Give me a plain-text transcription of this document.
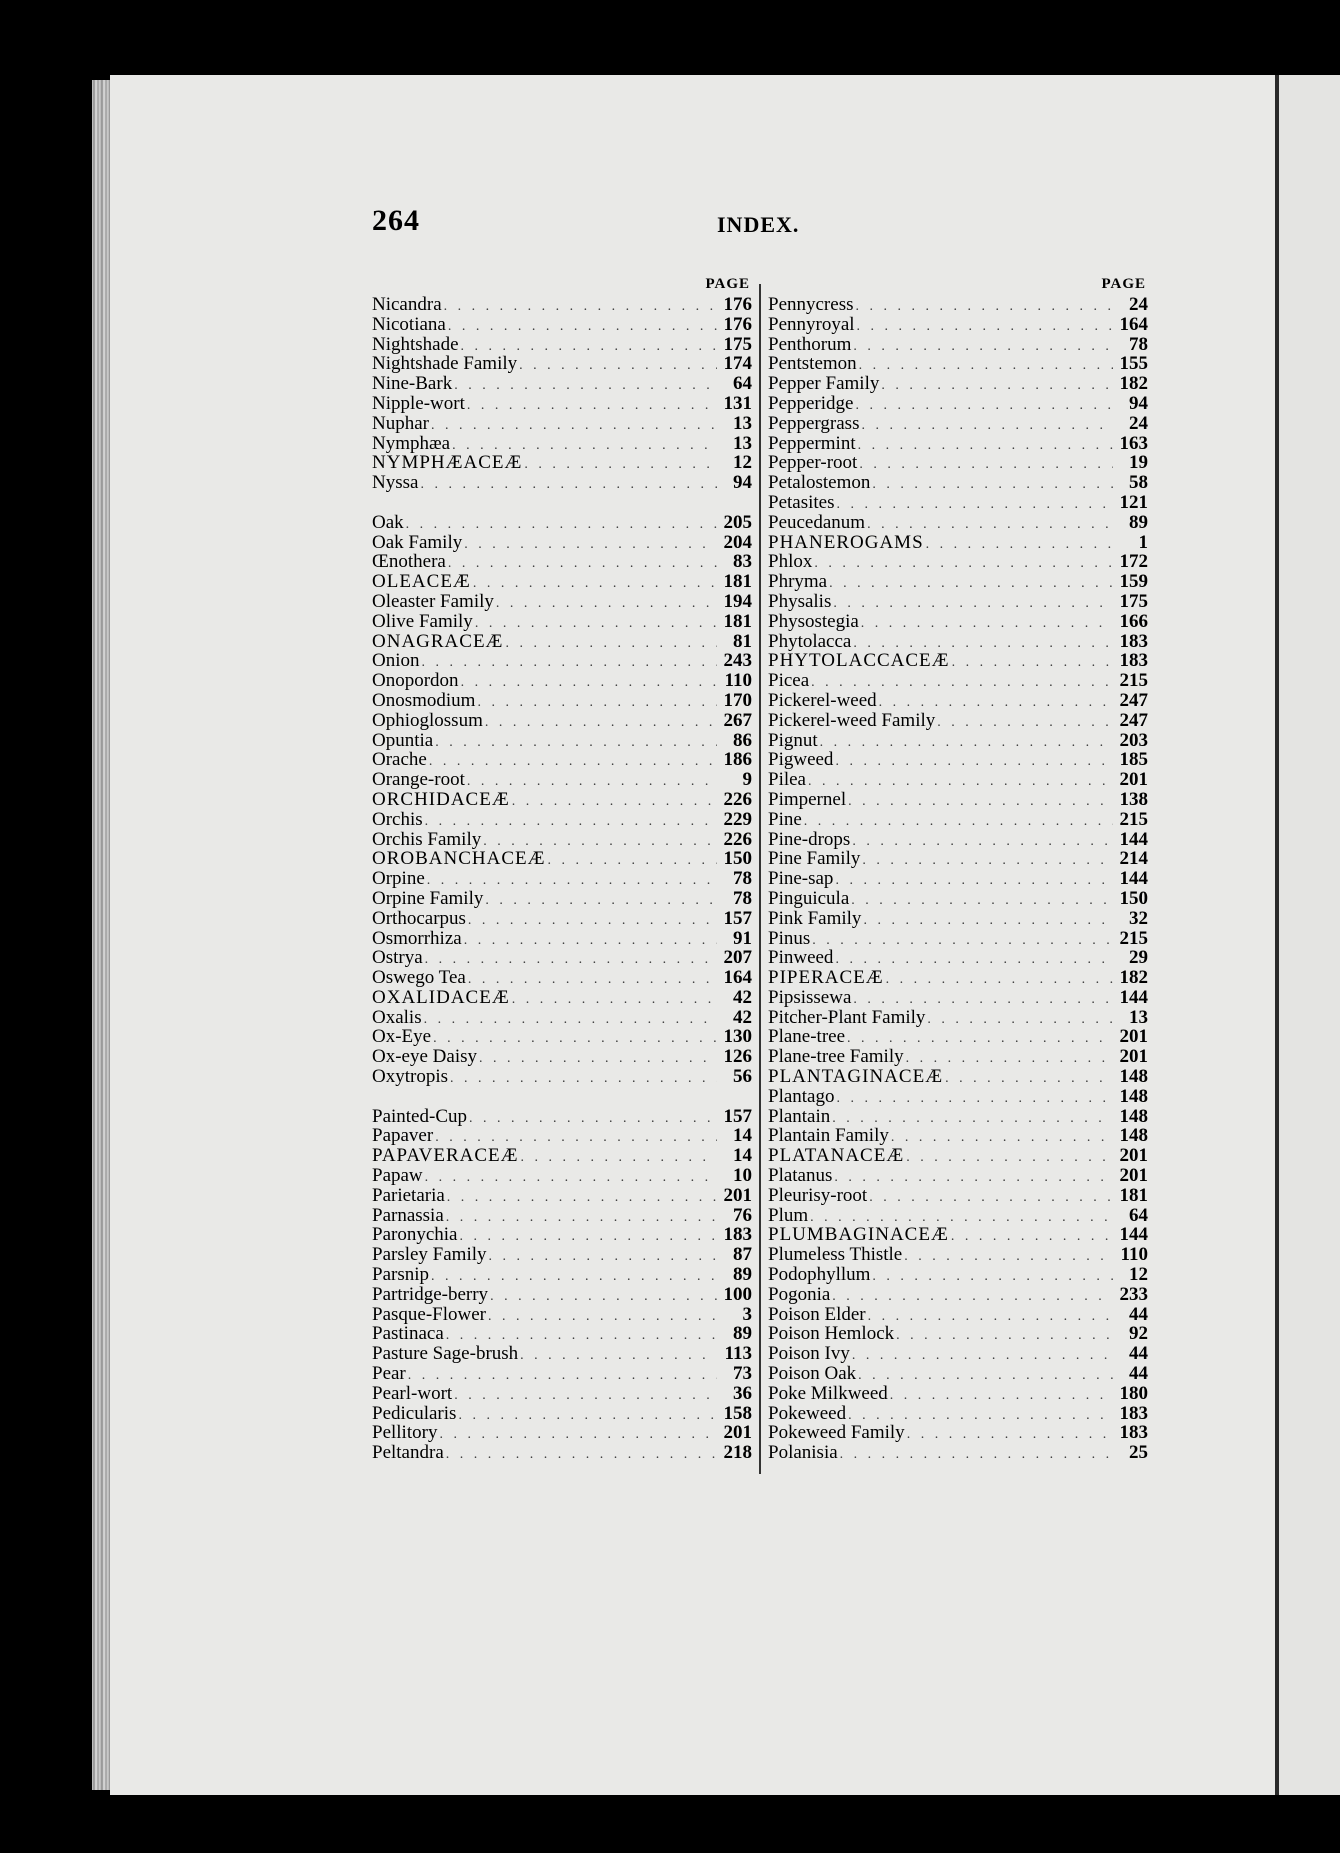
264	INDEX.
PAGE
Nicandra . . .	176
Nicotiana . . .	176
Nightshade . . .	175
Nightshade Family . . .	174
Nine-Bark . . .	64
Nipple-wort . . .	131
Nuphar . . .	13
Nymphæa . . .	13
NYMPHÆACEÆ . . .	12
Nyssa . . .	94
Oak . . .	205
Oak Family . . .	204
Œnothera . . .	83
OLEACEÆ . . .	181
Oleaster Family . . .	194
Olive Family . . .	181
ONAGRACEÆ . . .	81
Onion . . .	243
Onopordon . . .	110
Onosmodium . . .	170
Ophioglossum . . .	267
Opuntia . . .	86
Orache . . .	186
Orange-root . . .	9
ORCHIDACEÆ . . .	226
Orchis . . .	229
Orchis Family . . .	226
OROBANCHACEÆ . . .	150
Orpine . . .	78
Orpine Family . . .	78
Orthocarpus . . .	157
Osmorrhiza . . .	91
Ostrya . . .	207
Oswego Tea . . .	164
OXALIDACEÆ . . .	42
Oxalis . . .	42
Ox-Eye . . .	130
Ox-eye Daisy . . .	126
Oxytropis . . .	56
Painted-Cup . . .	157
Papaver . . .	14
PAPAVERACEÆ . . .	14
Papaw . . .	10
Parietaria . . .	201
Parnassia . . .	76
Paronychia . . .	183
Parsley Family . . .	87
Parsnip . . .	89
Partridge-berry . . .	100
Pasque-Flower . . .	3
Pastinaca . . .	89
Pasture Sage-brush . . .	113
Pear . . .	73
Pearl-wort . . .	36
Pedicularis . . .	158
Pellitory . . .	201
Peltandra . . .	218
PAGE
Pennycress . . .	24
Pennyroyal . . .	164
Penthorum . . .	78
Pentstemon . . .	155
Pepper Family . . .	182
Pepperidge . . .	94
Peppergrass . . .	24
Peppermint . . .	163
Pepper-root . . .	19
Petalostemon . . .	58
Petasites . . .	121
Peucedanum . . .	89
PHANEROGAMS . . .	1
Phlox . . .	172
Phryma . . .	159
Physalis . . .	175
Physostegia . . .	166
Phytolacca . . .	183
PHYTOLACCACEÆ . . .	183
Picea . . .	215
Pickerel-weed . . .	247
Pickerel-weed Family . . .	247
Pignut . . .	203
Pigweed . . .	185
Pilea . . .	201
Pimpernel . . .	138
Pine . . .	215
Pine-drops . . .	144
Pine Family . . .	214
Pine-sap . . .	144
Pinguicula . . .	150
Pink Family . . .	32
Pinus . . .	215
Pinweed . . .	29
PIPERACEÆ . . .	182
Pipsissewa . . .	144
Pitcher-Plant Family . . .	13
Plane-tree . . .	201
Plane-tree Family . . .	201
PLANTAGINACEÆ . . .	148
Plantago . . .	148
Plantain . . .	148
Plantain Family . . .	148
PLATANACEÆ . . .	201
Platanus . . .	201
Pleurisy-root . . .	181
Plum . . .	64
PLUMBAGINACEÆ . . .	144
Plumeless Thistle . . .	110
Podophyllum . . .	12
Pogonia . . .	233
Poison Elder . . .	44
Poison Hemlock . . .	92
Poison Ivy . . .	44
Poison Oak . . .	44
Poke Milkweed . . .	180
Pokeweed . . .	183
Pokeweed Family . . .	183
Polanisia . . .	25
